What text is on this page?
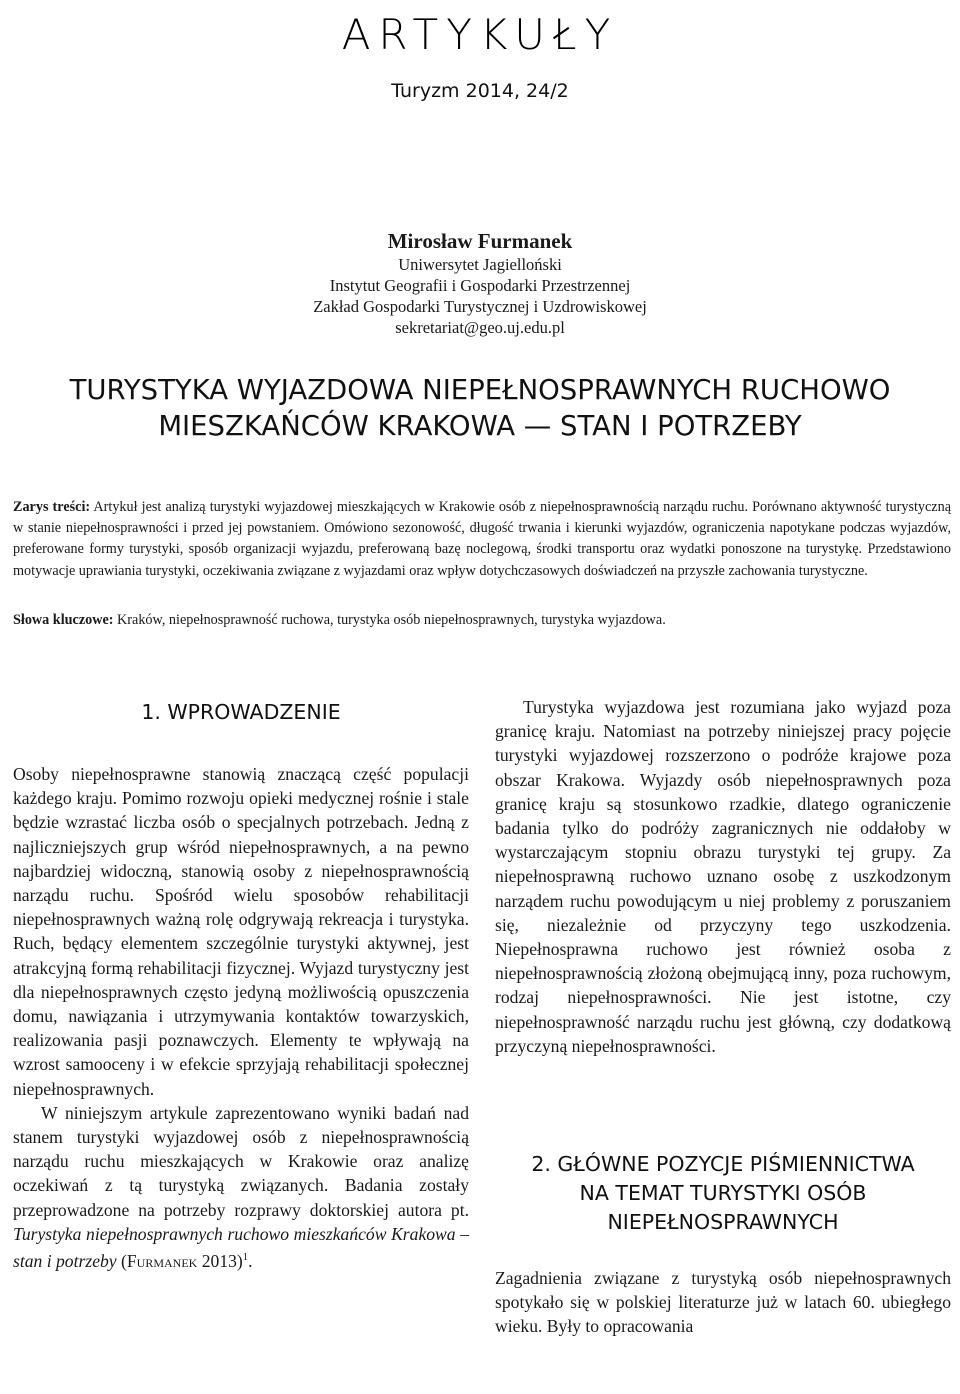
ARTYKUŁY
Turyzm 2014, 24/2
Mirosław Furmanek
Uniwersytet Jagielloński
Instytut Geografii i Gospodarki Przestrzennej
Zakład Gospodarki Turystycznej i Uzdrowiskowej
sekretariat@geo.uj.edu.pl
TURYSTYKA WYJAZDOWA NIEPEŁNOSPRAWNYCH RUCHOWO
MIESZKAŃCÓW KRAKOWA — STAN I POTRZEBY
Zarys treści: Artykuł jest analizą turystyki wyjazdowej mieszkających w Krakowie osób z niepełnosprawnością narządu ruchu. Porównano aktywność turystyczną w stanie niepełnosprawności i przed jej powstaniem. Omówiono sezonowość, długość trwania i kierunki wyjazdów, ograniczenia napotykane podczas wyjazdów, preferowane formy turystyki, sposób organizacji wyjazdu, preferowaną bazę noclegową, środki transportu oraz wydatki ponoszone na turystykę. Przedstawiono motywacje uprawiania turystyki, oczekiwania związane z wyjazdami oraz wpływ dotychczasowych doświadczeń na przyszłe zachowania turystyczne.
Słowa kluczowe: Kraków, niepełnosprawność ruchowa, turystyka osób niepełnosprawnych, turystyka wyjazdowa.
1. WPROWADZENIE

Osoby niepełnosprawne stanowią znaczącą część populacji każdego kraju. Pomimo rozwoju opieki medycznej rośnie i stale będzie wzrastać liczba osób o specjalnych potrzebach. Jedną z najliczniejszych grup wśród niepełnosprawnych, a na pewno najbardziej widoczną, stanowią osoby z niepełnosprawnością narządu ruchu. Spośród wielu sposobów rehabilitacji niepełnosprawnych ważną rolę odgrywają rekreacja i turystyka. Ruch, będący elementem szczególnie turystyki aktywnej, jest atrakcyjną formą rehabilitacji fizycznej. Wyjazd turystyczny jest dla niepełnosprawnych często jedyną możliwością opuszczenia domu, nawiązania i utrzymywania kontaktów towarzyskich, realizowania pasji poznawczych. Elementy te wpływają na wzrost samooceny i w efekcie sprzyjają rehabilitacji społecznej niepełnosprawnych.

W niniejszym artykule zaprezentowano wyniki badań nad stanem turystyki wyjazdowej osób z niepełnosprawnością narządu ruchu mieszkających w Krakowie oraz analizę oczekiwań z tą turystyką związanych. Badania zostały przeprowadzone na potrzeby rozprawy doktorskiej autora pt. Turystyka niepełnosprawnych ruchowo mieszkańców Krakowa – stan i potrzeby (Furmanek 2013)$^1$.

Turystyka wyjazdowa jest rozumiana jako wyjazd poza granicę kraju. Natomiast na potrzeby niniejszej pracy pojęcie turystyki wyjazdowej rozszerzono o podróże krajowe poza obszar Krakowa. Wyjazdy osób niepełnosprawnych poza granicę kraju są stosunkowo rzadkie, dlatego ograniczenie badania tylko do podróży zagranicznych nie oddałoby w wystarczającym stopniu obrazu turystyki tej grupy. Za niepełnosprawną ruchowo uznano osobę z uszkodzonym narządem ruchu powodującym u niej problemy z poruszaniem się, niezależnie od przyczyny tego uszkodzenia. Niepełnosprawna ruchowo jest również osoba z niepełnosprawnością złożoną obejmującą inny, poza ruchowym, rodzaj niepełnosprawności. Nie jest istotne, czy niepełnosprawność narządu ruchu jest główną, czy dodatkową przyczyną niepełnosprawności.

2. GŁÓWNE POZYCJE PIŚMIENNICTWA
NA TEMAT TURYSTYKI OSÓB
NIEPEŁNOSPRAWNYCH

Zagadnienia związane z turystyką osób niepełnosprawnych spotykało się w polskiej literaturze już w latach 60. ubiegłego wieku. Były to opracowania
